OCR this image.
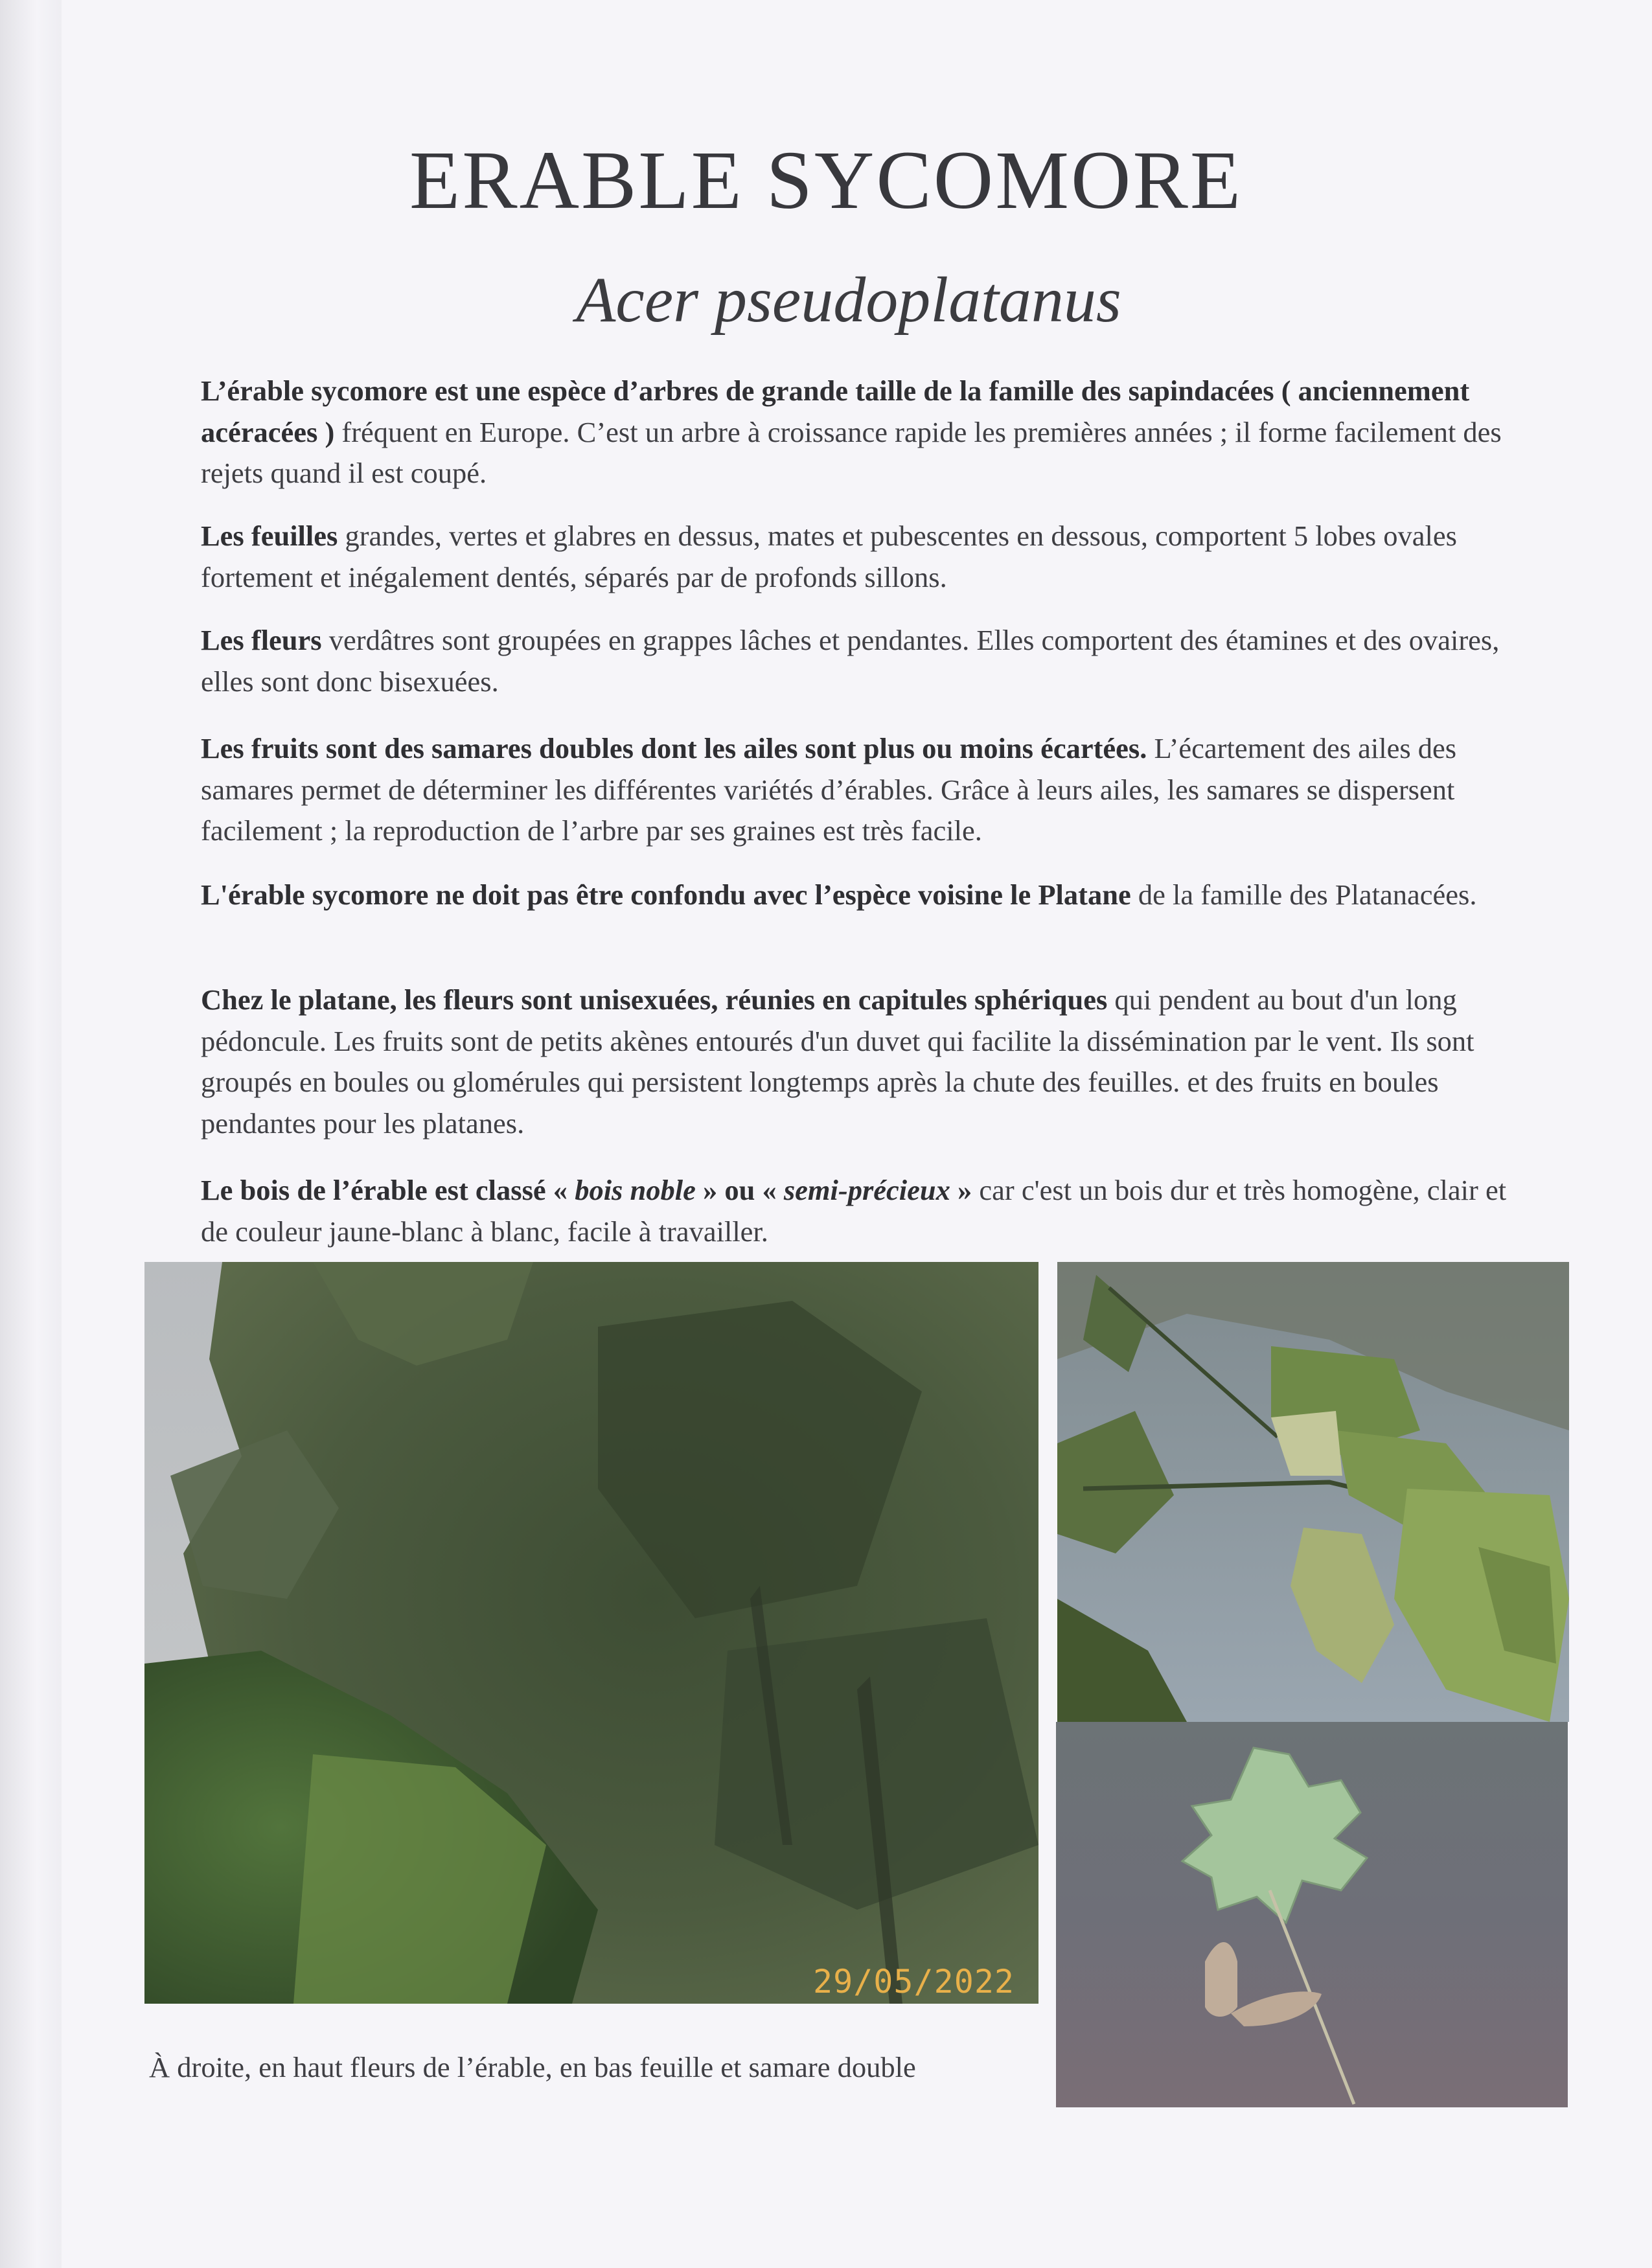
ERABLE SYCOMORE
Acer pseudoplatanus

L’érable sycomore est une espèce d’arbres de grande taille de la famille des sapindacées ( anciennement acéracées ) fréquent en Europe. C’est un arbre à croissance rapide les premières années ; il forme facilement des rejets quand il est coupé.

Les feuilles grandes, vertes et glabres en dessus, mates et pubescentes en dessous, comportent 5 lobes ovales fortement et inégalement dentés, séparés par de profonds sillons.

Les fleurs verdâtres sont groupées en grappes lâches et pendantes. Elles comportent des étamines et des ovaires, elles sont donc bisexuées.

Les fruits sont des samares doubles dont les ailes sont plus ou moins écartées. L’écartement des ailes des samares permet de déterminer les différentes variétés d’érables. Grâce à leurs ailes, les samares se dispersent facilement ; la reproduction de l’arbre par ses graines est très facile.

L'érable sycomore ne doit pas être confondu avec l’espèce voisine le Platane de la famille des Platanacées.

Chez le platane, les fleurs sont unisexuées, réunies en capitules sphériques qui pendent au bout d'un long pédoncule. Les fruits sont de petits akènes entourés d'un duvet qui facilite la dissémination par le vent. Ils sont groupés en boules ou glomérules qui persistent longtemps après la chute des feuilles. et des fruits en boules pendantes pour les platanes.

Le bois de l’érable est classé « bois noble » ou « semi-précieux » car c'est un bois dur et très homogène, clair et de couleur jaune-blanc à blanc, facile à travailler.

29/05/2022

À droite, en haut fleurs de l’érable, en bas feuille et samare double
